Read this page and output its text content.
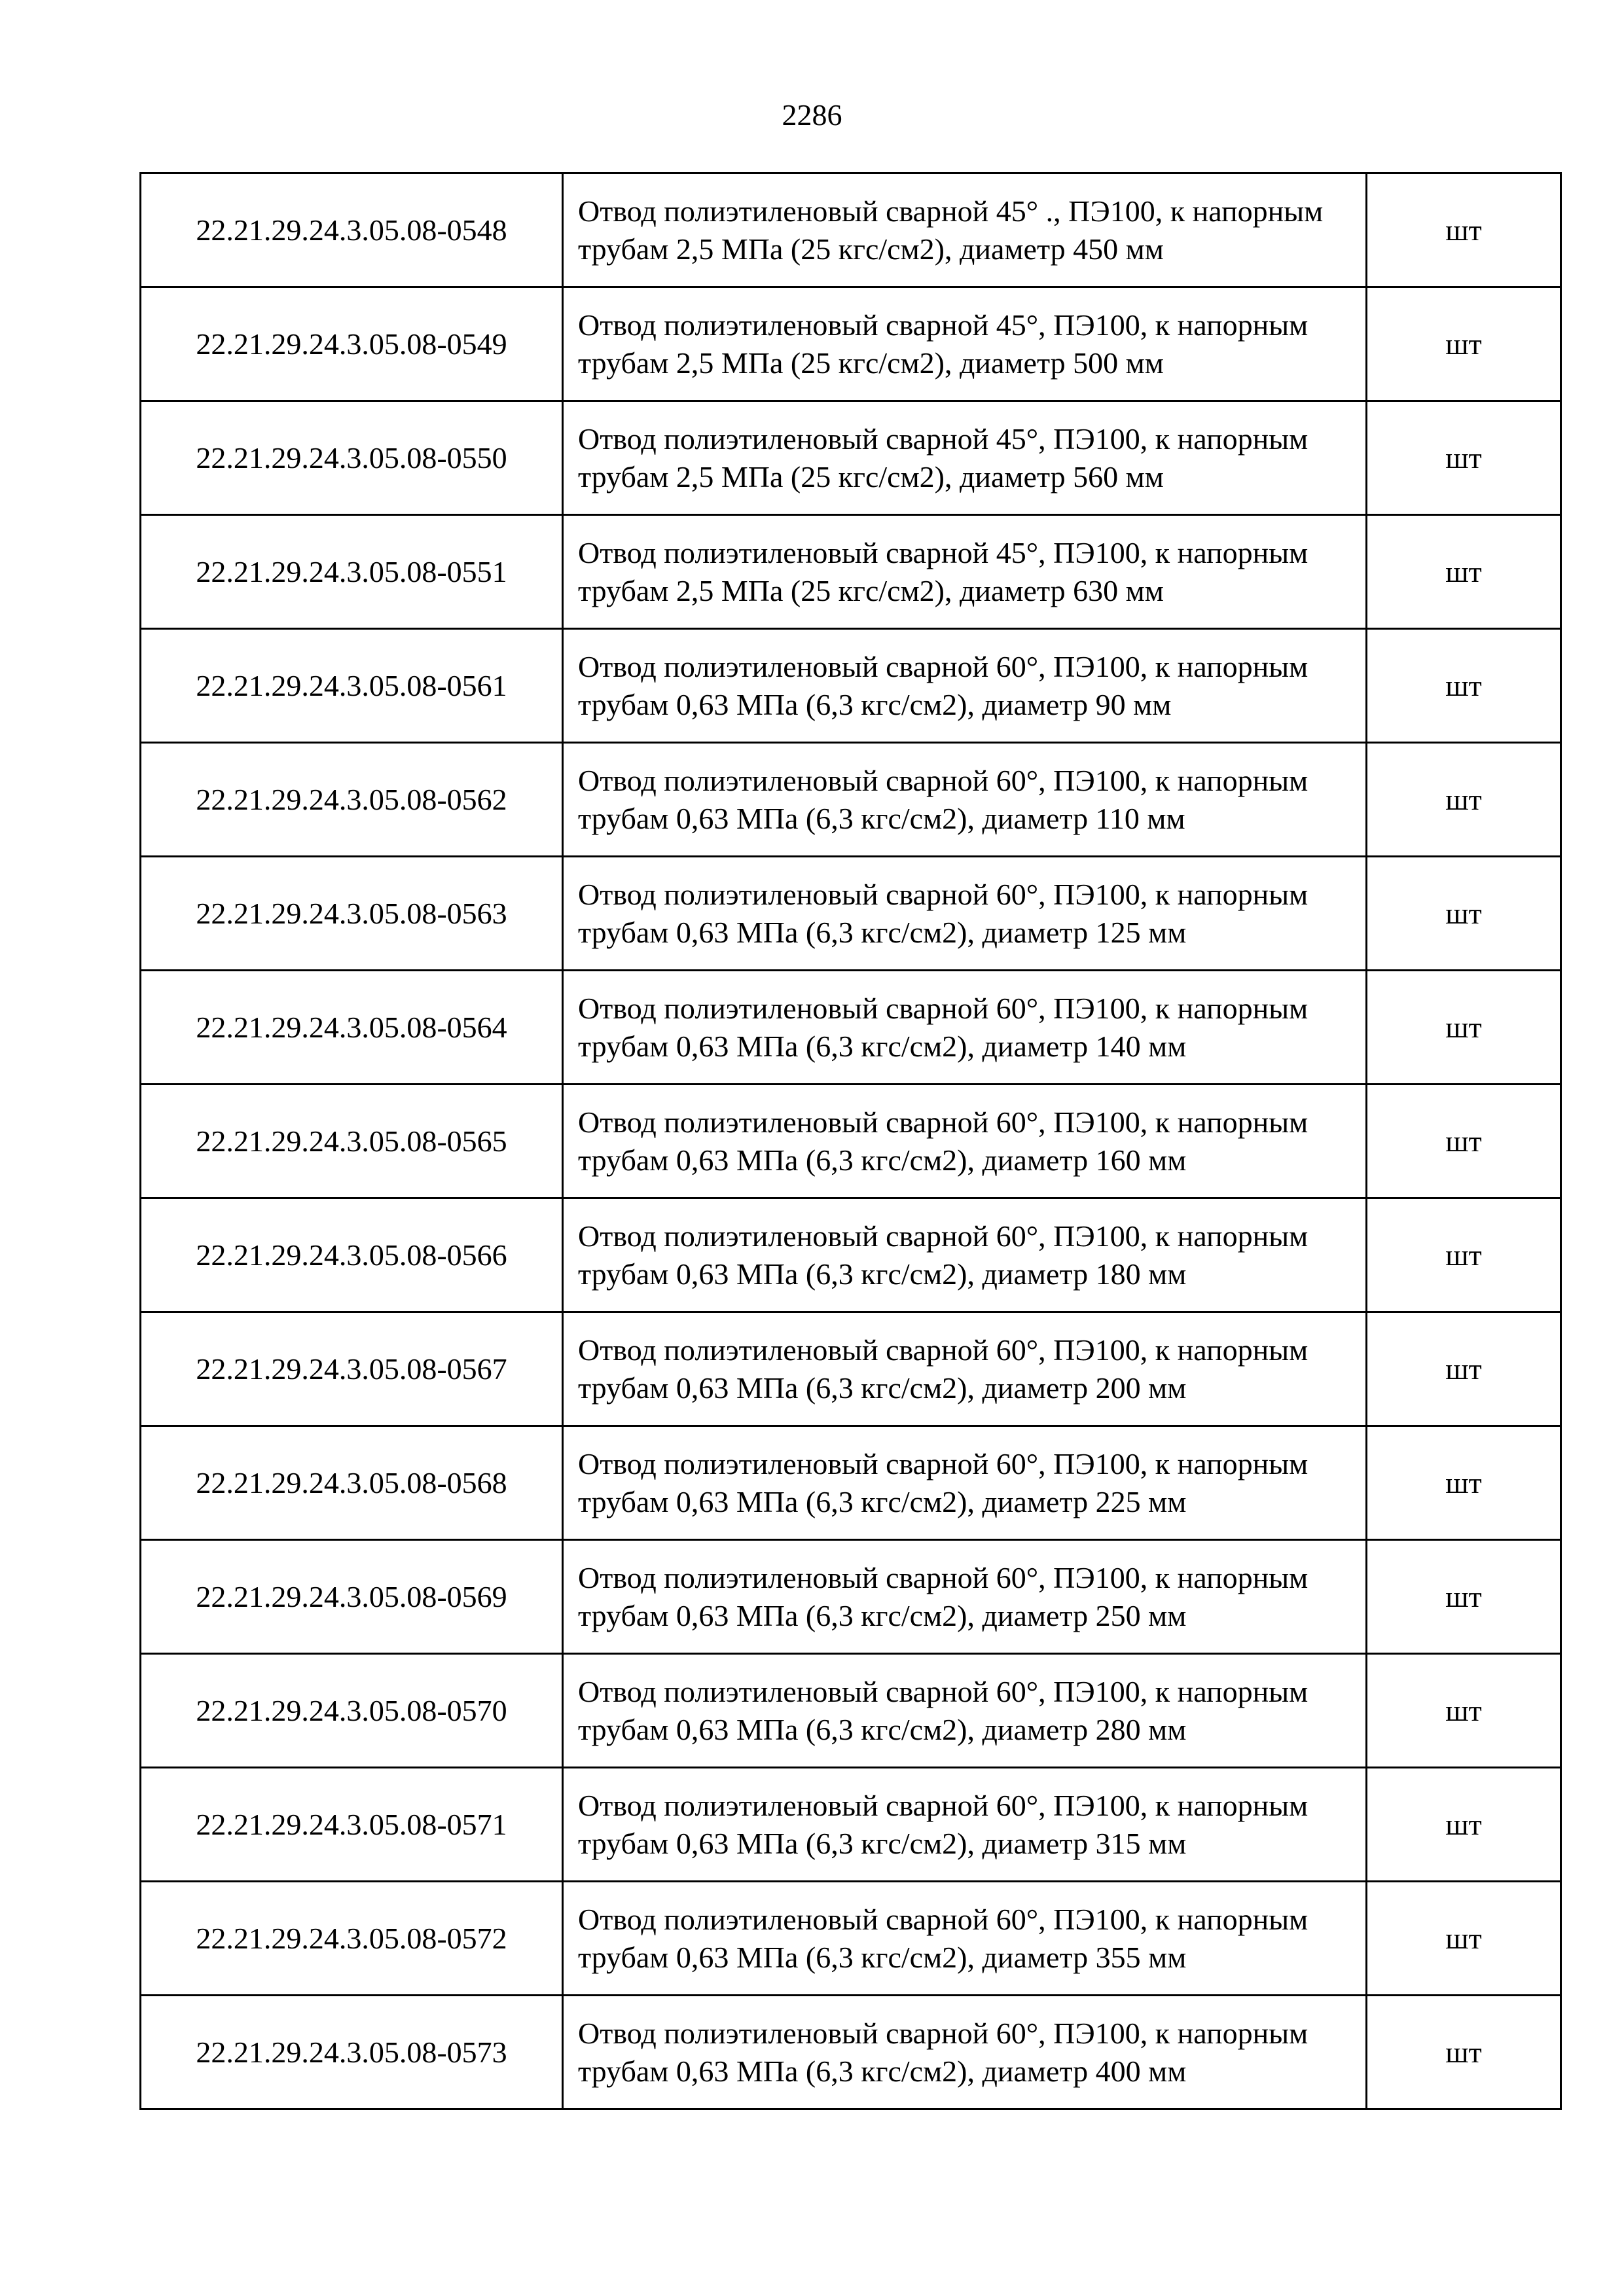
2286
22.21.29.24.3.05.08-0548	Отвод полиэтиленовый сварной 45° ., ПЭ100, к напорным трубам 2,5 МПа (25 кгс/см2), диаметр 450 мм	шт

22.21.29.24.3.05.08-0549	Отвод полиэтиленовый сварной 45°, ПЭ100, к напорным трубам 2,5 МПа (25 кгс/см2), диаметр 500 мм	шт

22.21.29.24.3.05.08-0550	Отвод полиэтиленовый сварной 45°, ПЭ100, к напорным трубам 2,5 МПа (25 кгс/см2), диаметр 560 мм	шт

22.21.29.24.3.05.08-0551	Отвод полиэтиленовый сварной 45°, ПЭ100, к напорным трубам 2,5 МПа (25 кгс/см2), диаметр 630 мм	шт

22.21.29.24.3.05.08-0561	Отвод полиэтиленовый сварной 60°, ПЭ100, к напорным трубам 0,63 МПа (6,3 кгс/см2), диаметр 90 мм	шт

22.21.29.24.3.05.08-0562	Отвод полиэтиленовый сварной 60°, ПЭ100, к напорным трубам 0,63 МПа (6,3 кгс/см2), диаметр 110 мм	шт

22.21.29.24.3.05.08-0563	Отвод полиэтиленовый сварной 60°, ПЭ100, к напорным трубам 0,63 МПа (6,3 кгс/см2), диаметр 125 мм	шт

22.21.29.24.3.05.08-0564	Отвод полиэтиленовый сварной 60°, ПЭ100, к напорным трубам 0,63 МПа (6,3 кгс/см2), диаметр 140 мм	шт

22.21.29.24.3.05.08-0565	Отвод полиэтиленовый сварной 60°, ПЭ100, к напорным трубам 0,63 МПа (6,3 кгс/см2), диаметр 160 мм	шт

22.21.29.24.3.05.08-0566	Отвод полиэтиленовый сварной 60°, ПЭ100, к напорным трубам 0,63 МПа (6,3 кгс/см2), диаметр 180 мм	шт

22.21.29.24.3.05.08-0567	Отвод полиэтиленовый сварной 60°, ПЭ100, к напорным трубам 0,63 МПа (6,3 кгс/см2), диаметр 200 мм	шт

22.21.29.24.3.05.08-0568	Отвод полиэтиленовый сварной 60°, ПЭ100, к напорным трубам 0,63 МПа (6,3 кгс/см2), диаметр 225 мм	шт

22.21.29.24.3.05.08-0569	Отвод полиэтиленовый сварной 60°, ПЭ100, к напорным трубам 0,63 МПа (6,3 кгс/см2), диаметр 250 мм	шт

22.21.29.24.3.05.08-0570	Отвод полиэтиленовый сварной 60°, ПЭ100, к напорным трубам 0,63 МПа (6,3 кгс/см2), диаметр 280 мм	шт

22.21.29.24.3.05.08-0571	Отвод полиэтиленовый сварной 60°, ПЭ100, к напорным трубам 0,63 МПа (6,3 кгс/см2), диаметр 315 мм	шт

22.21.29.24.3.05.08-0572	Отвод полиэтиленовый сварной 60°, ПЭ100, к напорным трубам 0,63 МПа (6,3 кгс/см2), диаметр 355 мм	шт

22.21.29.24.3.05.08-0573	Отвод полиэтиленовый сварной 60°, ПЭ100, к напорным трубам 0,63 МПа (6,3 кгс/см2), диаметр 400 мм	шт
